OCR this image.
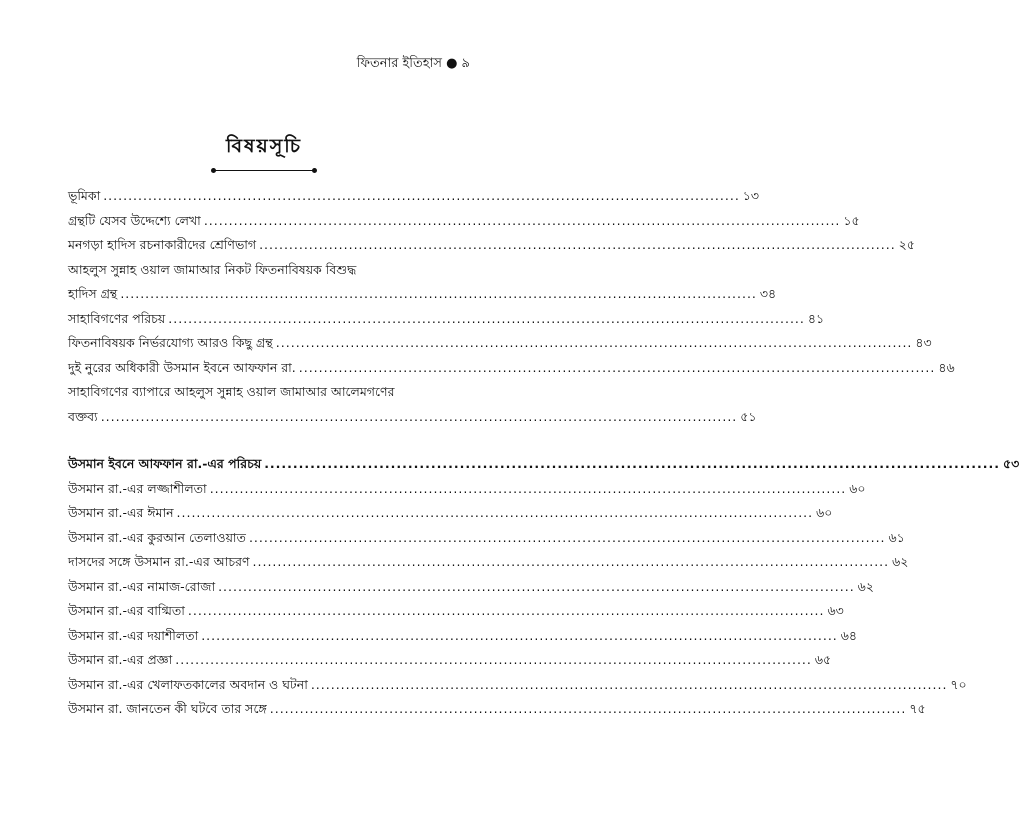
ফিতনার ইতিহাস ● ৯
বিষয়সূচি
ভূমিকা ................................................................................................................................ ১৩
গ্রন্থটি যেসব উদ্দেশ্যে লেখা ................................................................................................................................ ১৫
মনগড়া হাদিস রচনাকারীদের শ্রেণিভাগ ................................................................................................................................ ২৫
আহলুস সুন্নাহ ওয়াল জামাআর নিকট ফিতনাবিষয়ক বিশুদ্ধ
হাদিস গ্রন্থ ................................................................................................................................ ৩৪
সাহাবিগণের পরিচয় ................................................................................................................................ ৪১
ফিতনাবিষয়ক নির্ভরযোগ্য আরও কিছু গ্রন্থ ................................................................................................................................ ৪৩
দুই নুরের অধিকারী উসমান ইবনে আফফান রা. ................................................................................................................................ ৪৬
সাহাবিগণের ব্যাপারে আহলুস সুন্নাহ ওয়াল জামাআর আলেমগণের
বক্তব্য ................................................................................................................................ ৫১
উসমান ইবনে আফফান রা.-এর পরিচয় ................................................................................................................................ ৫৩
উসমান রা.-এর লজ্জাশীলতা ................................................................................................................................ ৬০
উসমান রা.-এর ঈমান ................................................................................................................................ ৬০
উসমান রা.-এর কুরআন তেলাওয়াত ................................................................................................................................ ৬১
দাসদের সঙ্গে উসমান রা.-এর আচরণ ................................................................................................................................ ৬২
উসমান রা.-এর নামাজ-রোজা ................................................................................................................................ ৬২
উসমান রা.-এর বাগ্মিতা ................................................................................................................................ ৬৩
উসমান রা.-এর দয়াশীলতা ................................................................................................................................ ৬৪
উসমান রা.-এর প্রজ্ঞা ................................................................................................................................ ৬৫
উসমান রা.-এর খেলাফতকালের অবদান ও ঘটনা ................................................................................................................................ ৭০
উসমান রা. জানতেন কী ঘটবে তার সঙ্গে ................................................................................................................................ ৭৫
